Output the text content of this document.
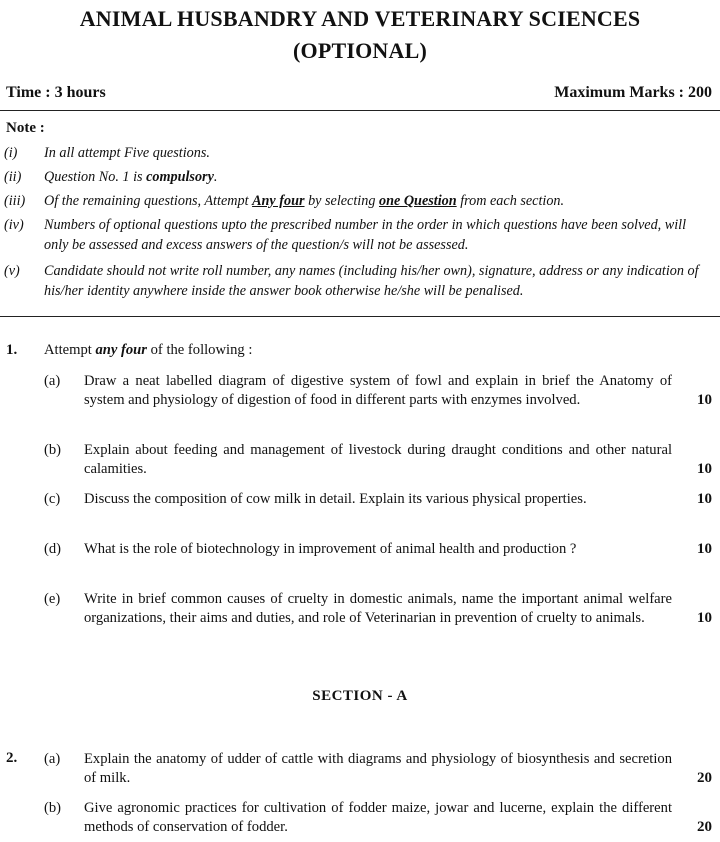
ANIMAL HUSBANDRY AND VETERINARY SCIENCES
(OPTIONAL)
Time : 3 hours	Maximum Marks : 200
Note :
(i)	In all attempt Five questions.
(ii)	Question No. 1 is compulsory.
(iii)	Of the remaining questions, Attempt Any four by selecting one Question from each section.
(iv)	Numbers of optional questions upto the prescribed number in the order in which questions have been solved, will only be assessed and excess answers of the question/s will not be assessed.
(v)	Candidate should not write roll number, any names (including his/her own), signature, address or any indication of his/her identity anywhere inside the answer book otherwise he/she will be penalised.
1. Attempt any four of the following :
(a)	Draw a neat labelled diagram of digestive system of fowl and explain in brief the Anatomy of system and physiology of digestion of food in different parts with enzymes involved.	10
(b)	Explain about feeding and management of livestock during draught conditions and other natural calamities.	10
(c)	Discuss the composition of cow milk in detail. Explain its various physical properties.	10
(d)	What is the role of biotechnology in improvement of animal health and production ?	10
(e)	Write in brief common causes of cruelty in domestic animals, name the important animal welfare organizations, their aims and duties, and role of Veterinarian in prevention of cruelty to animals.	10
SECTION - A
2. (a)	Explain the anatomy of udder of cattle with diagrams and physiology of biosynthesis and secretion of milk.	20
(b)	Give agronomic practices for cultivation of fodder maize, jowar and lucerne, explain the different methods of conservation of fodder.	20
